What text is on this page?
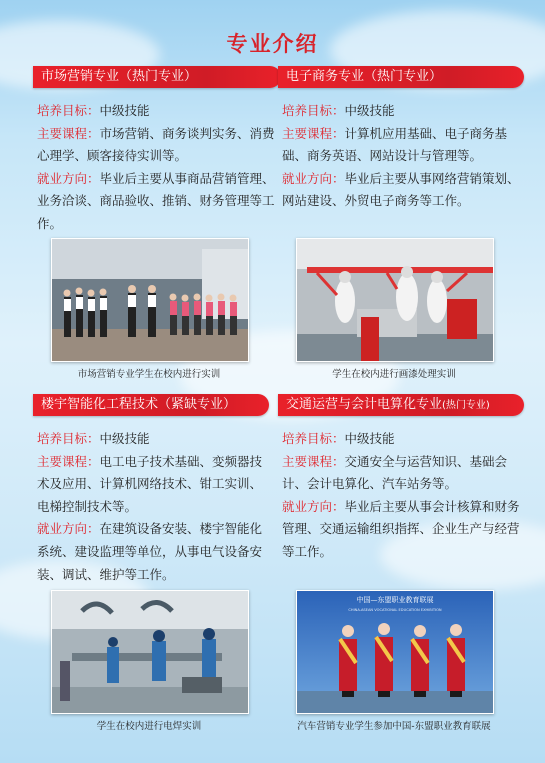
专业介绍
市场营销专业（热门专业）
培养目标：中级技能
主要课程：市场营销、商务谈判实务、消费心理学、顾客接待实训等。
就业方向：毕业后主要从事商品营销管理、业务洽谈、商品验收、推销、财务管理等工作。
电子商务专业（热门专业）
培养目标：中级技能
主要课程：计算机应用基础、电子商务基础、商务英语、网站设计与管理等。
就业方向：毕业后主要从事网络营销策划、网站建设、外贸电子商务等工作。
市场营销专业学生在校内进行实训	学生在校内进行画漆处理实训
楼宇智能化工程技术（紧缺专业）
培养目标：中级技能
主要课程：电工电子技术基础、变频器技术及应用、计算机网络技术、钳工实训、电梯控制技术等。
就业方向：在建筑设备安装、楼宇智能化系统、建设监理等单位，从事电气设备安装、调试、维护等工作。
交通运营与会计电算化专业(热门专业)
培养目标：中级技能
主要课程：交通安全与运营知识、基础会计、会计电算化、汽车站务等。
就业方向：毕业后主要从事会计核算和财务管理、交通运输组织指挥、企业生产与经营等工作。
学生在校内进行电焊实训
中国—东盟职业教育联展
CHINA-ASEAN VOCATIONAL EDUCATION EXHIBITION
汽车营销专业学生参加中国-东盟职业教育联展
